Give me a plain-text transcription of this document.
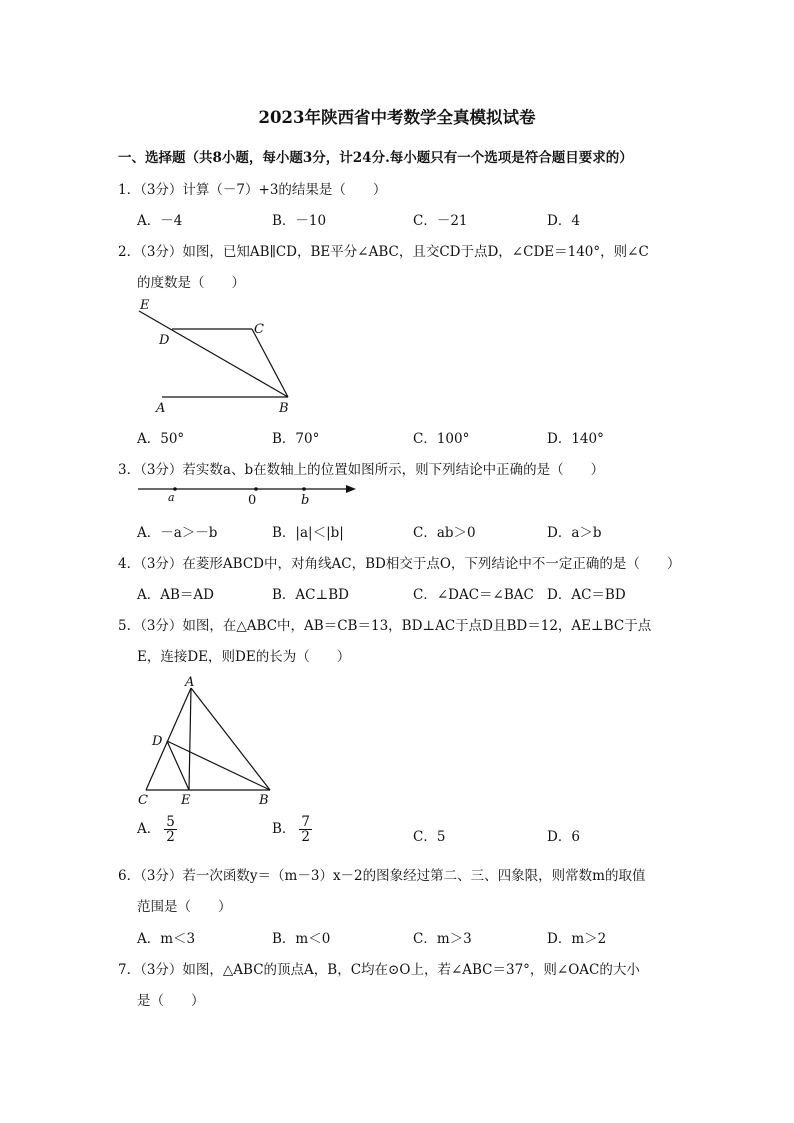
2023年陕西省中考数学全真模拟试卷
一、选择题（共8小题，每小题3分，计24分.每小题只有一个选项是符合题目要求的）
1．（3分）计算（－7）+3的结果是（　　）
A．－4	B．－10	C．－21	D．4
2．（3分）如图，已知AB∥CD，BE平分∠ABC，且交CD于点D，∠CDE＝140°，则∠C
的度数是（　　）
E
D
C
A	B
A．50°	B．70°	C．100°	D．140°
3．（3分）若实数a、b在数轴上的位置如图所示，则下列结论中正确的是（　　）
a	0	b
A．－a＞－b	B．|a|＜|b|	C．ab＞0	D．a＞b
4．（3分）在菱形ABCD中，对角线AC，BD相交于点O，下列结论中不一定正确的是（　　）
A．AB＝AD	B．AC⊥BD	C．∠DAC＝∠BAC D．AC＝BD
5．（3分）如图，在△ABC中，AB＝CB＝13，BD⊥AC于点D且BD＝12，AE⊥BC于点
E，连接DE，则DE的长为（　　）
A
D
C	E	B
A． $\frac{5}{2}$	B． $\frac{7}{2}$	C．5	D．6
6．（3分）若一次函数y＝（m－3）x－2的图象经过第二、三、四象限，则常数m的取值
范围是（　　）
A．m＜3	B．m＜0	C．m＞3	D．m＞2
7．（3分）如图，△ABC的顶点A，B，C均在⊙O上，若∠ABC＝37°，则∠OAC的大小
是（　　）
